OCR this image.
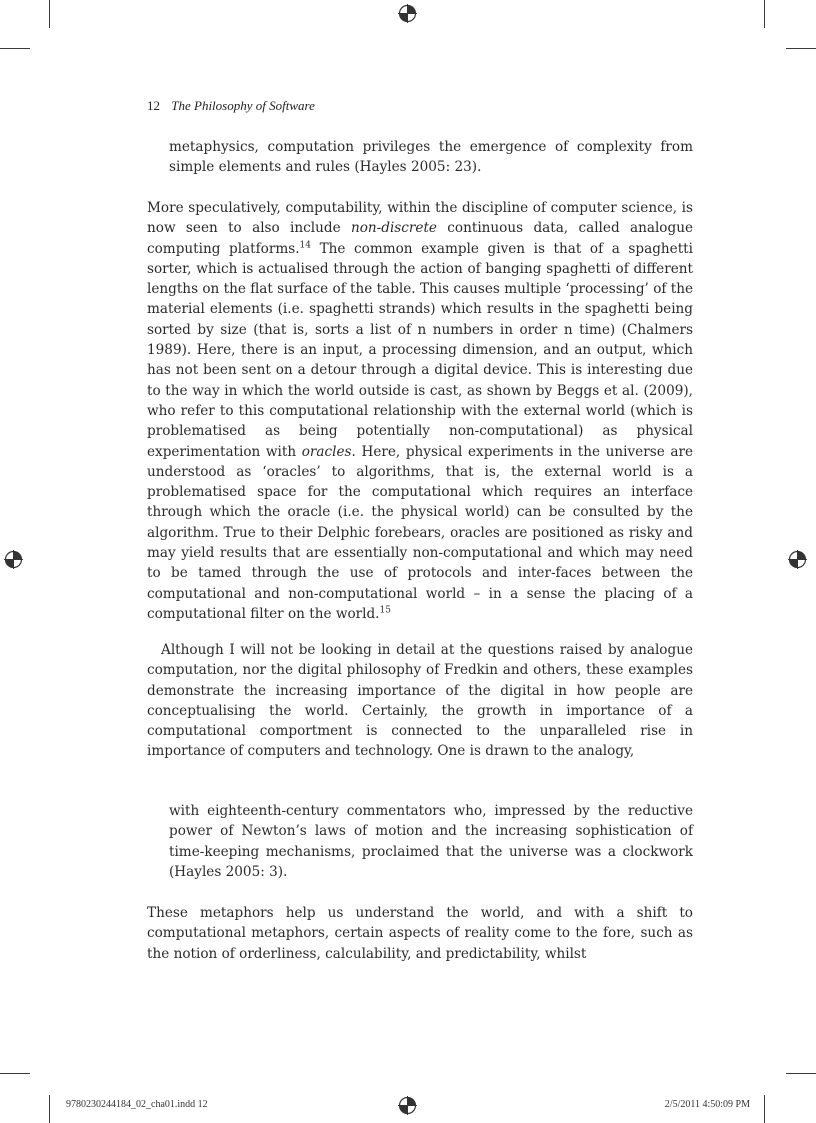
12 The Philosophy of Software

metaphysics, computation privileges the emergence of complexity from simple elements and rules (Hayles 2005: 23).

More speculatively, computability, within the discipline of computer science, is now seen to also include non-discrete continuous data, called analogue computing platforms.$^{14}$ The common example given is that of a spaghetti sorter, which is actualised through the action of banging spaghetti of different lengths on the flat surface of the table. This causes multiple ‘processing’ of the material elements (i.e. spaghetti strands) which results in the spaghetti being sorted by size (that is, sorts a list of n numbers in order n time) (Chalmers 1989). Here, there is an input, a processing dimension, and an output, which has not been sent on a detour through a digital device. This is interesting due to the way in which the world outside is cast, as shown by Beggs et al. (2009), who refer to this computational relationship with the external world (which is problematised as being potentially non-computational) as physical experimentation with oracles. Here, physical experiments in the universe are understood as ‘oracles’ to algorithms, that is, the external world is a problematised space for the computational which requires an interface through which the oracle (i.e. the physical world) can be consulted by the algorithm. True to their Delphic forebears, oracles are positioned as risky and may yield results that are essentially non-computational and which may need to be tamed through the use of protocols and inter-faces between the computational and non-computational world – in a sense the placing of a computational filter on the world.$^{15}$

Although I will not be looking in detail at the questions raised by analogue computation, nor the digital philosophy of Fredkin and others, these examples demonstrate the increasing importance of the digital in how people are conceptualising the world. Certainly, the growth in importance of a computational comportment is connected to the unparalleled rise in importance of computers and technology. One is drawn to the analogy,

with eighteenth-century commentators who, impressed by the reductive power of Newton’s laws of motion and the increasing sophistication of time-keeping mechanisms, proclaimed that the universe was a clockwork (Hayles 2005: 3).

These metaphors help us understand the world, and with a shift to computational metaphors, certain aspects of reality come to the fore, such as the notion of orderliness, calculability, and predictability, whilst

9780230244184_02_cha01.indd 12	2/5/2011 4:50:09 PM
